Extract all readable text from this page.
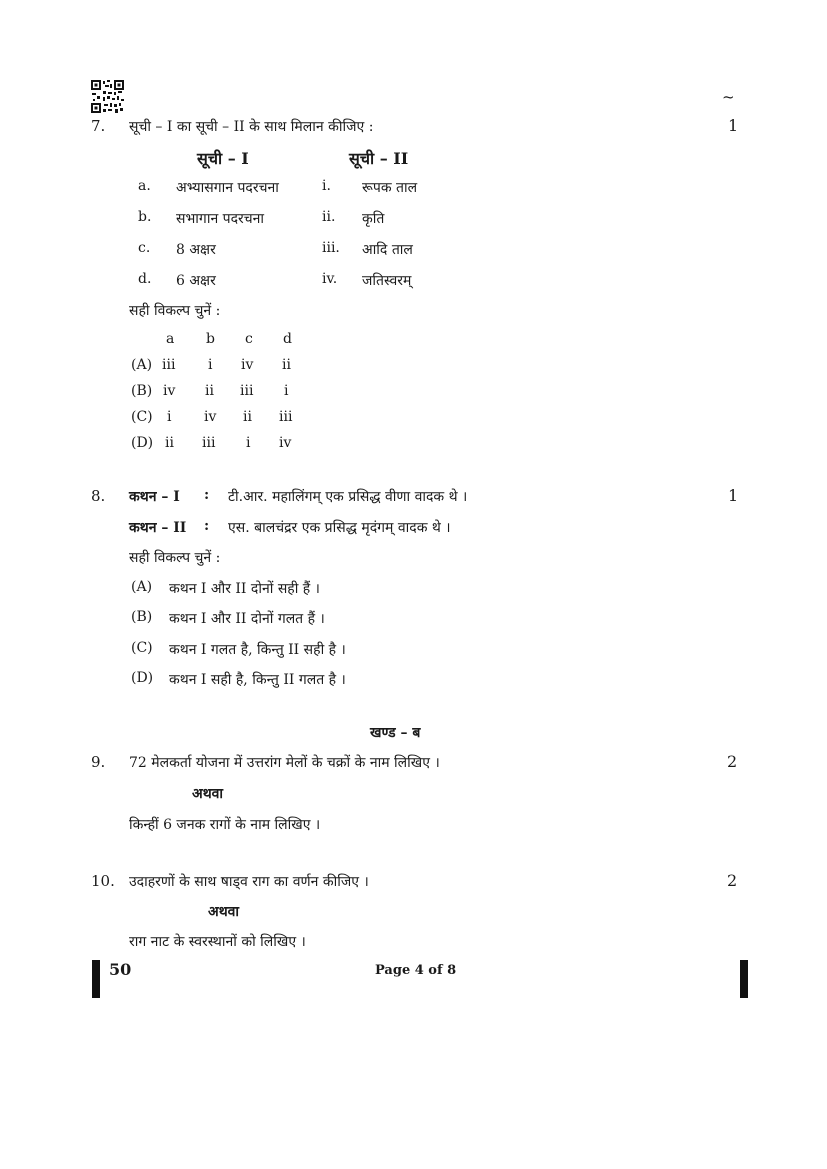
~
7. सूची – I का सूची – II के साथ मिलान कीजिए :	1
सूची – I	सूची – II
a. अभ्यासगान पदरचना	i. रूपक ताल
b. सभागान पदरचना	ii. कृति
c. 8 अक्षर	iii. आदि ताल
d. 6 अक्षर	iv. जतिस्वरम्
सही विकल्प चुनें :
a b c d
(A) iii i iv ii
(B) iv ii iii i
(C) i iv ii iii
(D) ii iii i iv
8. कथन – I : टी.आर. महालिंगम् एक प्रसिद्ध वीणा वादक थे ।	1
कथन – II : एस. बालचंद्रर एक प्रसिद्ध मृदंगम् वादक थे ।
सही विकल्प चुनें :
(A) कथन I और II दोनों सही हैं ।
(B) कथन I और II दोनों गलत हैं ।
(C) कथन I गलत है, किन्तु II सही है ।
(D) कथन I सही है, किन्तु II गलत है ।
खण्ड – ब
9. 72 मेलकर्ता योजना में उत्तरांग मेलों के चक्रों के नाम लिखिए ।	2
अथवा
किन्हीं 6 जनक रागों के नाम लिखिए ।
10. उदाहरणों के साथ षाड्व राग का वर्णन कीजिए ।	2
अथवा
राग नाट के स्वरस्थानों को लिखिए ।
50	Page 4 of 8
